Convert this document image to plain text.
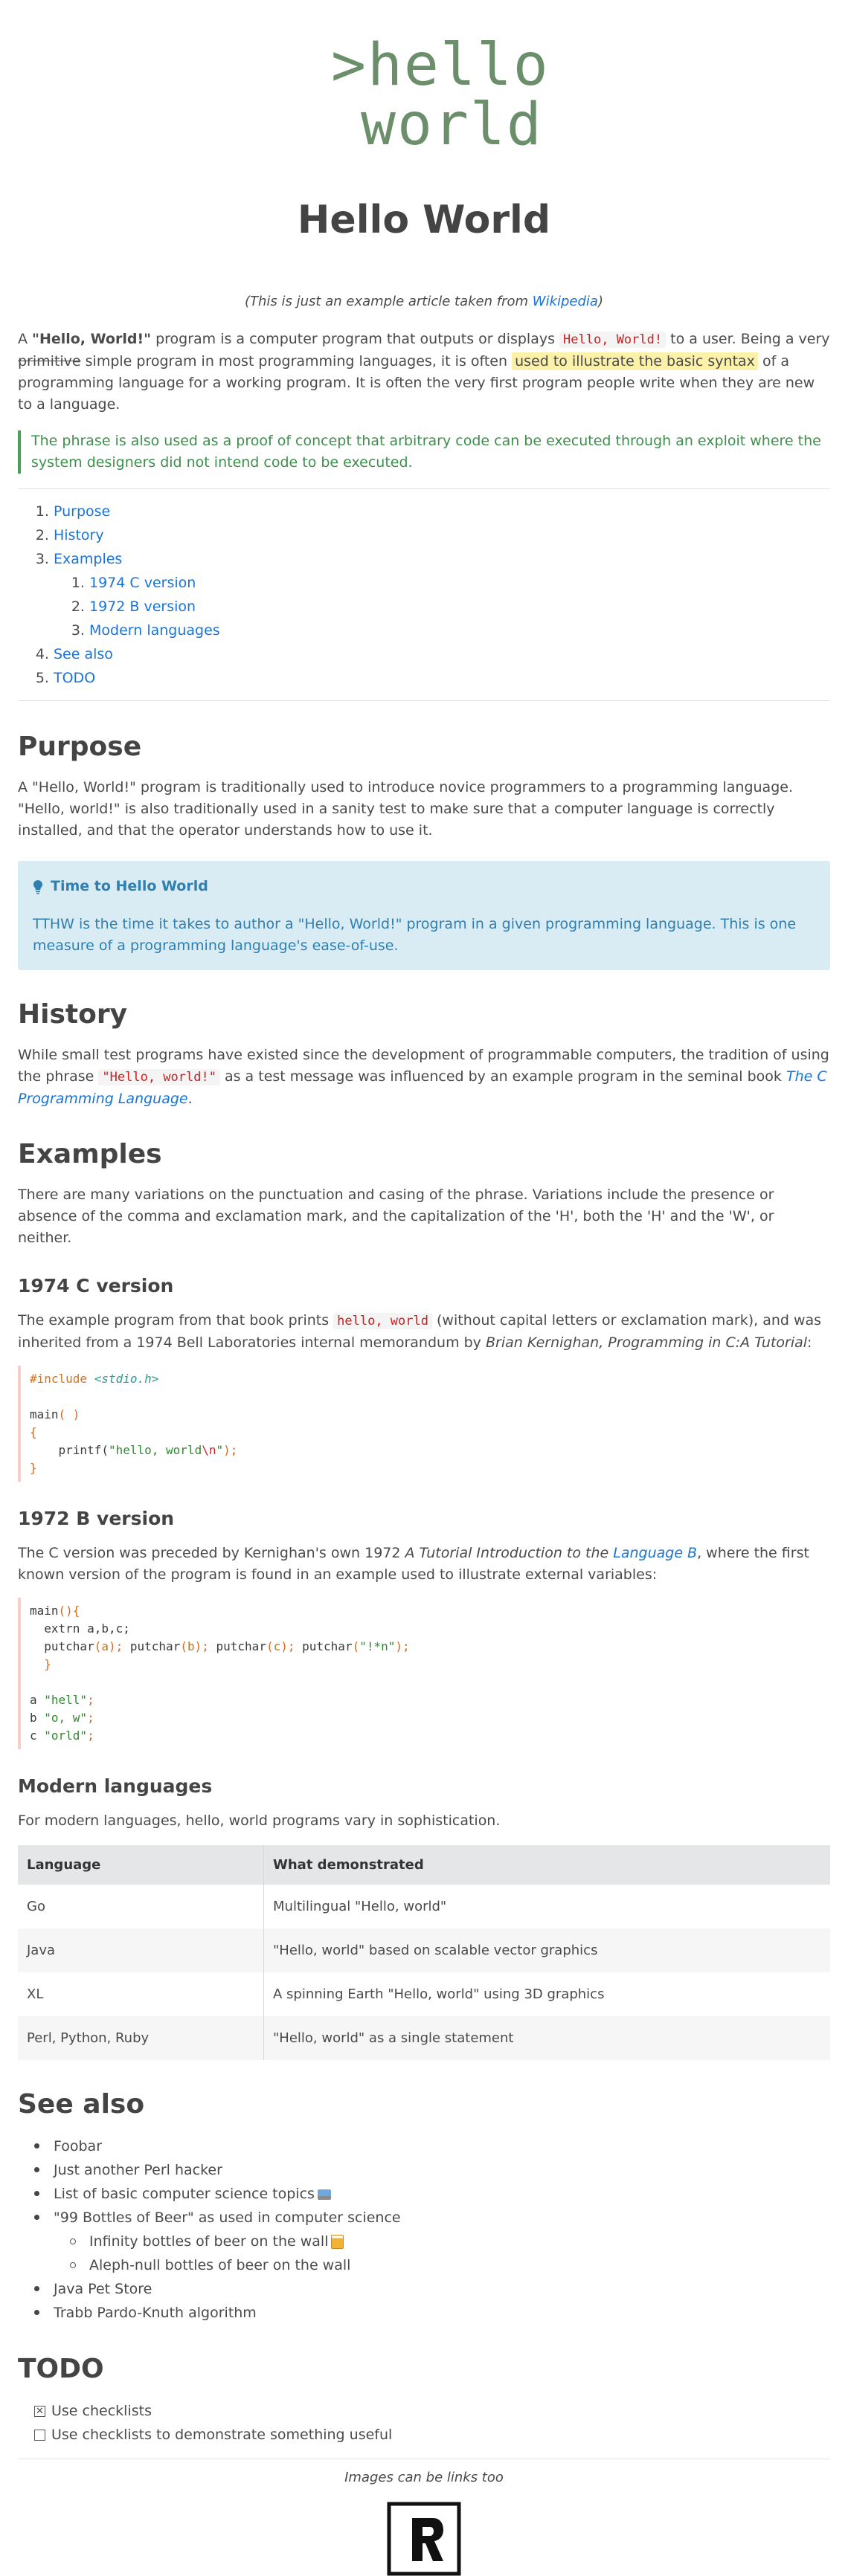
>hello
world
Hello World

(This is just an example article taken from Wikipedia)

A "Hello, World!" program is a computer program that outputs or displays Hello, World! to a user. Being a very primitive simple program in most programming languages, it is often used to illustrate the basic syntax of a programming language for a working program. It is often the very first program people write when they are new to a language.

The phrase is also used as a proof of concept that arbitrary code can be executed through an exploit where the system designers did not intend code to be executed.
1. Purpose
2. History
3. Examples
1. 1974 C version
2. 1972 B version
3. Modern languages
4. See also
5. TODO
Purpose

A "Hello, World!" program is traditionally used to introduce novice programmers to a programming language. "Hello, world!" is also traditionally used in a sanity test to make sure that a computer language is correctly installed, and that the operator understands how to use it.

Time to Hello World
TTHW is the time it takes to author a "Hello, World!" program in a given programming language. This is one measure of a programming language's ease-of-use.
History

While small test programs have existed since the development of programmable computers, the tradition of using the phrase "Hello, world!" as a test message was influenced by an example program in the seminal book The C Programming Language.

Examples

There are many variations on the punctuation and casing of the phrase. Variations include the presence or absence of the comma and exclamation mark, and the capitalization of the 'H', both the 'H' and the 'W', or neither.

1974 C version

The example program from that book prints hello, world (without capital letters or exclamation mark), and was inherited from a 1974 Bell Laboratories internal memorandum by Brian Kernighan, Programming in C:A Tutorial:

#include <stdio.h>

main( )
{
printf("hello, world\n");
}
1972 B version

The C version was preceded by Kernighan's own 1972 A Tutorial Introduction to the Language B, where the first known version of the program is found in an example used to illustrate external variables:

main(){
extrn a,b,c;
putchar(a); putchar(b); putchar(c); putchar("!*n");
}

a "hell";
b "o, w";
c "orld";
Modern languages

For modern languages, hello, world programs vary in sophistication.

Language	What demonstrated
Go	Multilingual "Hello, world"
Java	"Hello, world" based on scalable vector graphics
XL	A spinning Earth "Hello, world" using 3D graphics
Perl, Python, Ruby	"Hello, world" as a single statement
See also
Foobar
Just another Perl hacker
List of basic computer science topics
"99 Bottles of Beer" as used in computer science
Infinity bottles of beer on the wall
Aleph-null bottles of beer on the wall
Java Pet Store
Trabb Pardo-Knuth algorithm
TODO
✕ Use checklists
Use checklists to demonstrate something useful

Images can be links too
